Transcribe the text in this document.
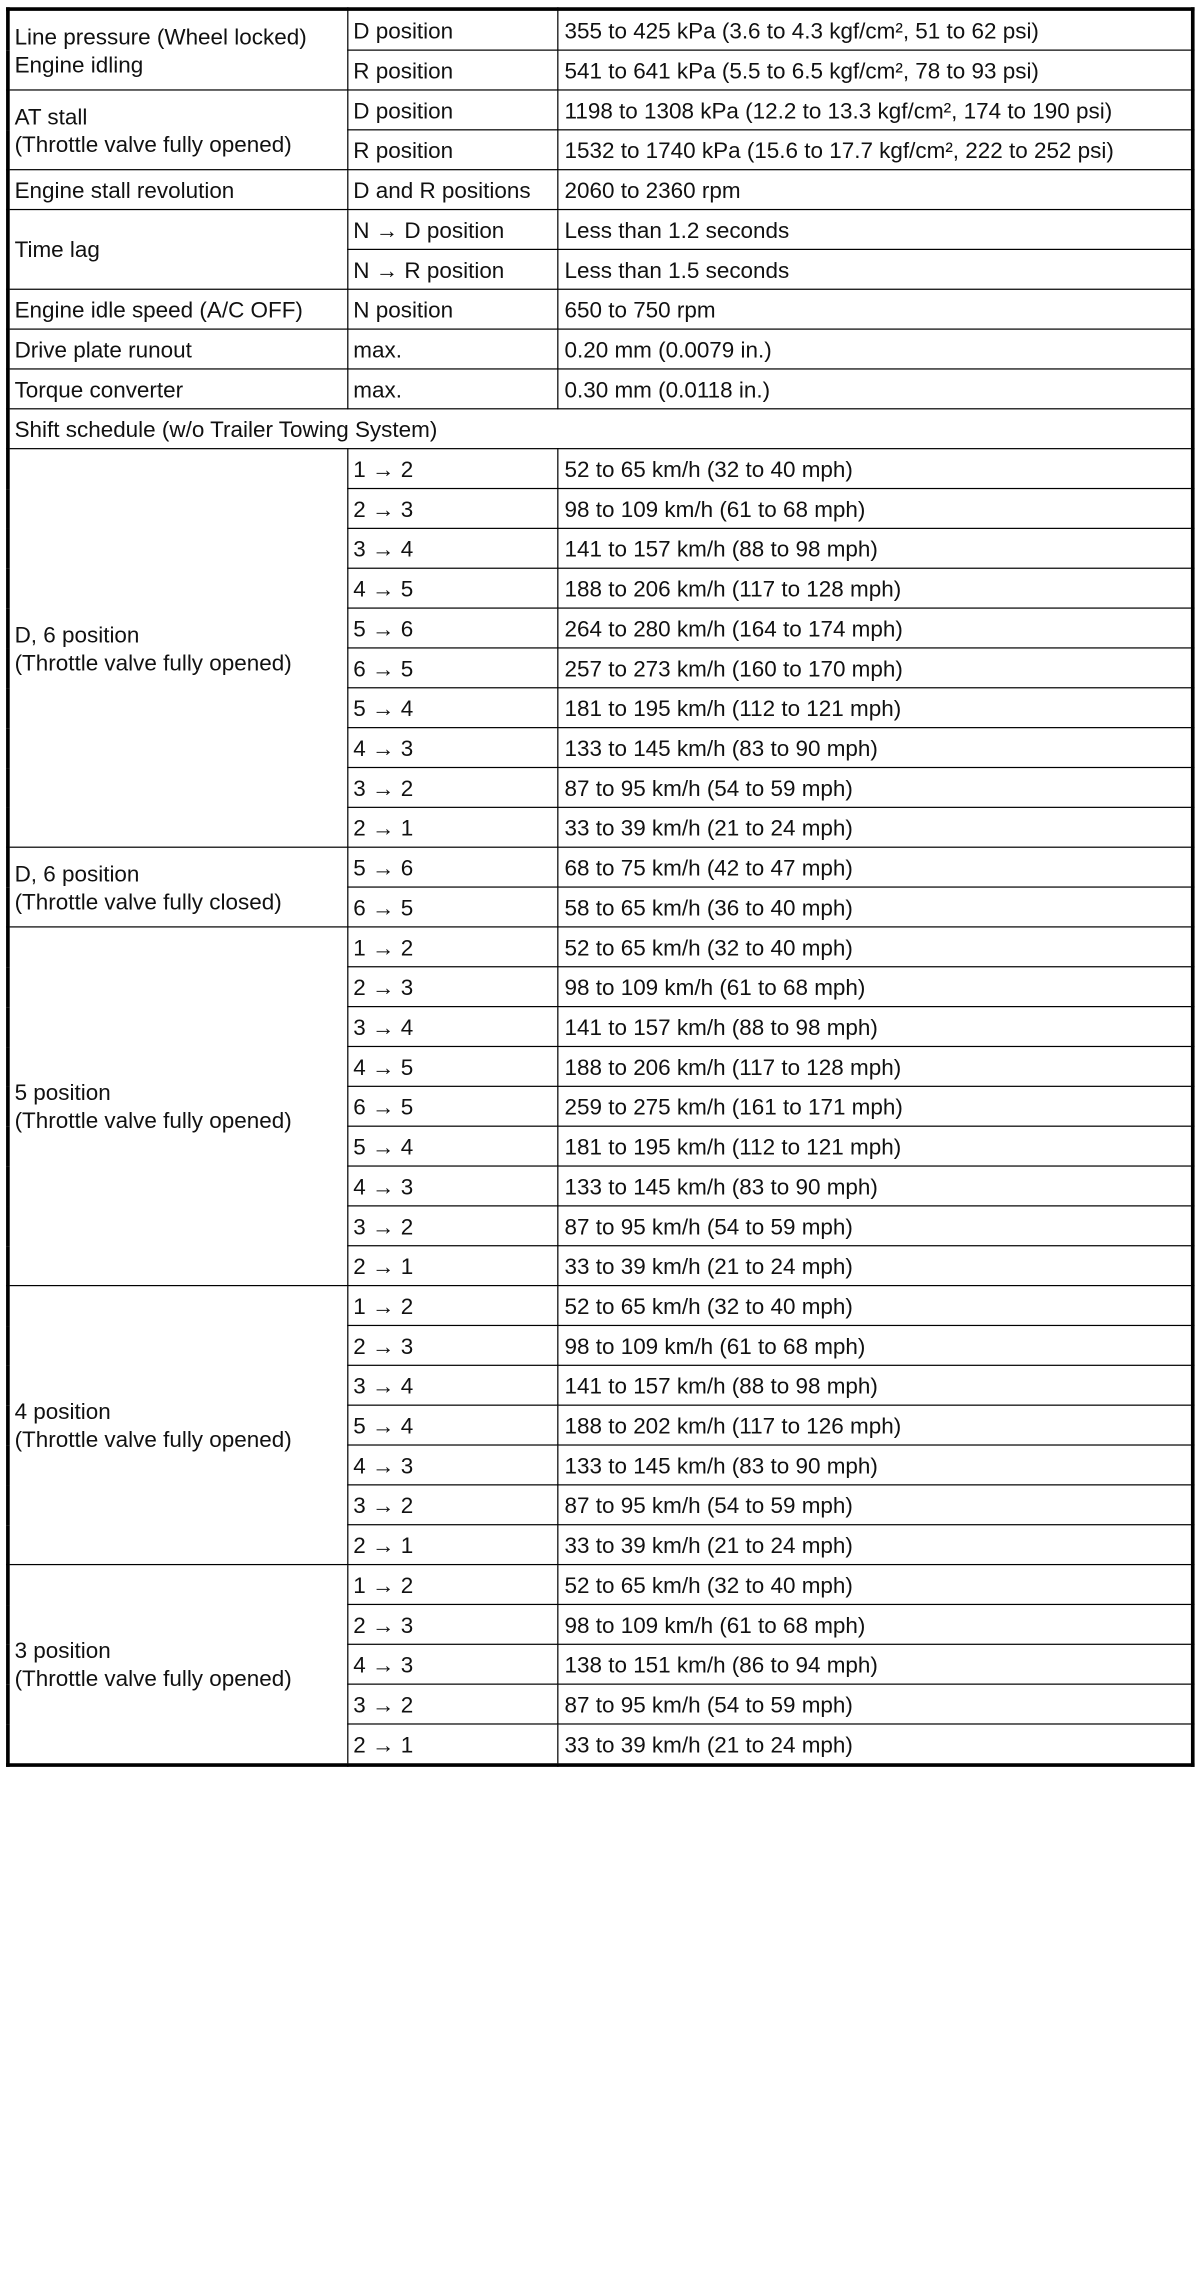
Line pressure (Wheel locked)
Engine idling	D position	355 to 425 kPa (3.6 to 4.3 kgf/cm², 51 to 62 psi)
	R position	541 to 641 kPa (5.5 to 6.5 kgf/cm², 78 to 93 psi)
AT stall
(Throttle valve fully opened)	D position	1198 to 1308 kPa (12.2 to 13.3 kgf/cm², 174 to 190 psi)
	R position	1532 to 1740 kPa (15.6 to 17.7 kgf/cm², 222 to 252 psi)
Engine stall revolution	D and R positions	2060 to 2360 rpm
Time lag	N → D position	Less than 1.2 seconds
	N → R position	Less than 1.5 seconds
Engine idle speed (A/C OFF)	N position	650 to 750 rpm
Drive plate runout	max.	0.20 mm (0.0079 in.)
Torque converter	max.	0.30 mm (0.0118 in.)
Shift schedule (w/o Trailer Towing System)		
D, 6 position
(Throttle valve fully opened)	1 → 2	52 to 65 km/h (32 to 40 mph)
	2 → 3	98 to 109 km/h (61 to 68 mph)
	3 → 4	141 to 157 km/h (88 to 98 mph)
	4 → 5	188 to 206 km/h (117 to 128 mph)
	5 → 6	264 to 280 km/h (164 to 174 mph)
	6 → 5	257 to 273 km/h (160 to 170 mph)
	5 → 4	181 to 195 km/h (112 to 121 mph)
	4 → 3	133 to 145 km/h (83 to 90 mph)
	3 → 2	87 to 95 km/h (54 to 59 mph)
	2 → 1	33 to 39 km/h (21 to 24 mph)
D, 6 position
(Throttle valve fully closed)	5 → 6	68 to 75 km/h (42 to 47 mph)
	6 → 5	58 to 65 km/h (36 to 40 mph)
5 position
(Throttle valve fully opened)	1 → 2	52 to 65 km/h (32 to 40 mph)
	2 → 3	98 to 109 km/h (61 to 68 mph)
	3 → 4	141 to 157 km/h (88 to 98 mph)
	4 → 5	188 to 206 km/h (117 to 128 mph)
	6 → 5	259 to 275 km/h (161 to 171 mph)
	5 → 4	181 to 195 km/h (112 to 121 mph)
	4 → 3	133 to 145 km/h (83 to 90 mph)
	3 → 2	87 to 95 km/h (54 to 59 mph)
	2 → 1	33 to 39 km/h (21 to 24 mph)
4 position
(Throttle valve fully opened)	1 → 2	52 to 65 km/h (32 to 40 mph)
	2 → 3	98 to 109 km/h (61 to 68 mph)
	3 → 4	141 to 157 km/h (88 to 98 mph)
	5 → 4	188 to 202 km/h (117 to 126 mph)
	4 → 3	133 to 145 km/h (83 to 90 mph)
	3 → 2	87 to 95 km/h (54 to 59 mph)
	2 → 1	33 to 39 km/h (21 to 24 mph)
3 position
(Throttle valve fully opened)	1 → 2	52 to 65 km/h (32 to 40 mph)
	2 → 3	98 to 109 km/h (61 to 68 mph)
	4 → 3	138 to 151 km/h (86 to 94 mph)
	3 → 2	87 to 95 km/h (54 to 59 mph)
	2 → 1	33 to 39 km/h (21 to 24 mph)
